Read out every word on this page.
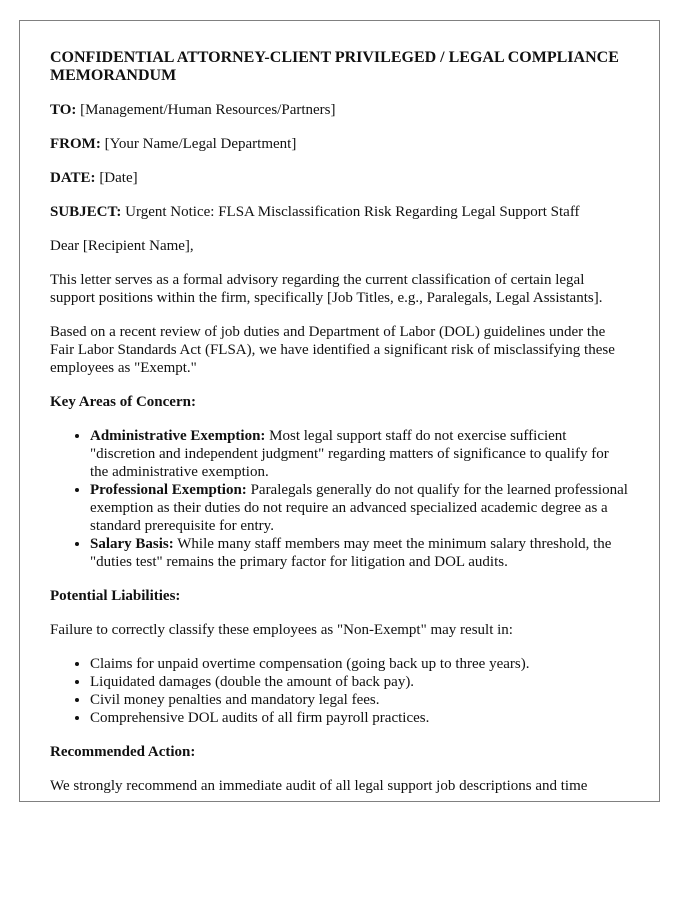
CONFIDENTIAL ATTORNEY-CLIENT PRIVILEGED / LEGAL COMPLIANCE MEMORANDUM
TO: [Management/Human Resources/Partners]
FROM: [Your Name/Legal Department]
DATE: [Date]
SUBJECT: Urgent Notice: FLSA Misclassification Risk Regarding Legal Support Staff

Dear [Recipient Name],

This letter serves as a formal advisory regarding the current classification of certain legal support positions within the firm, specifically [Job Titles, e.g., Paralegals, Legal Assistants].

Based on a recent review of job duties and Department of Labor (DOL) guidelines under the Fair Labor Standards Act (FLSA), we have identified a significant risk of misclassifying these employees as "Exempt."

Key Areas of Concern:
• Administrative Exemption: Most legal support staff do not exercise sufficient "discretion and independent judgment" regarding matters of significance to qualify for the administrative exemption.
• Professional Exemption: Paralegals generally do not qualify for the learned professional exemption as their duties do not require an advanced specialized academic degree as a standard prerequisite for entry.
• Salary Basis: While many staff members may meet the minimum salary threshold, the "duties test" remains the primary factor for litigation and DOL audits.
Potential Liabilities:

Failure to correctly classify these employees as "Non-Exempt" may result in:

• Claims for unpaid overtime compensation (going back up to three years).
• Liquidated damages (double the amount of back pay).
• Civil money penalties and mandatory legal fees.
• Comprehensive DOL audits of all firm payroll practices.
Recommended Action:

We strongly recommend an immediate audit of all legal support job descriptions and time
